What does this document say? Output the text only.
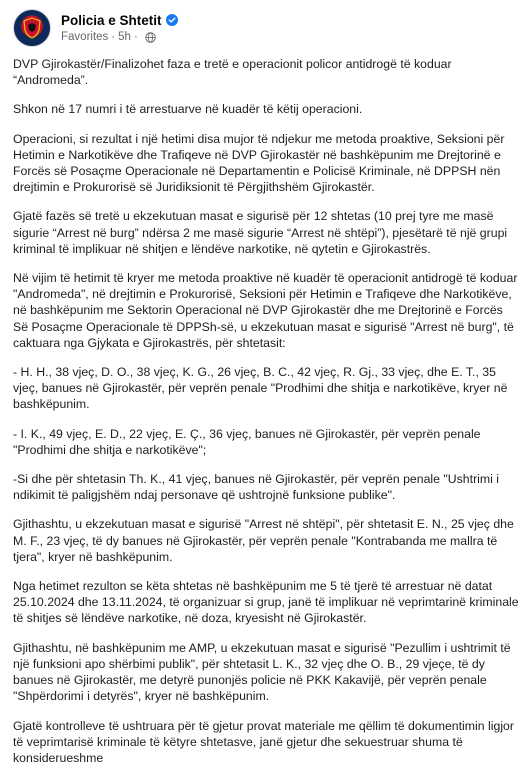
Policia e Shtetit
Favorites · 5h ·

DVP Gjirokastër/Finalizohet faza e tretë e operacionit policor antidrogë të koduar “Andromeda”.

Shkon në 17 numri i të arrestuarve në kuadër të këtij operacioni.

Operacioni, si rezultat i një hetimi disa mujor të ndjekur me metoda proaktive, Seksioni për Hetimin e Narkotikëve dhe Trafiqeve në DVP Gjirokastër në bashkëpunim me Drejtorinë e Forcës së Posaçme Operacionale në Departamentin e Policisë Kriminale, në DPPSH nën drejtimin e Prokurorisë së Juridiksionit të Përgjithshëm Gjirokastër.

Gjatë fazës së tretë u ekzekutuan masat e sigurisë për 12 shtetas (10 prej tyre me masë sigurie “Arrest në burg” ndërsa 2 me masë sigurie “Arrest në shtëpi”), pjesëtarë të një grupi kriminal të implikuar në shitjen e lëndëve narkotike, në qytetin e Gjirokastrës.

Në vijim të hetimit të kryer me metoda proaktive në kuadër të operacionit antidrogë të koduar "Andromeda", në drejtimin e Prokurorisë, Seksioni për Hetimin e Trafiqeve dhe Narkotikëve, në bashkëpunim me Sektorin Operacional në DVP Gjirokastër dhe me Drejtorinë e Forcës Së Posaçme Operacionale të DPPSh-së, u ekzekutuan masat e sigurisë "Arrest në burg", të caktuara nga Gjykata e Gjirokastrës, për shtetasit:

- H. H., 38 vjeç, D. O., 38 vjeç, K. G., 26 vjeç, B. C., 42 vjeç, R. Gj., 33 vjeç, dhe E. T., 35 vjeç, banues në Gjirokastër, për veprën penale "Prodhimi dhe shitja e narkotikëve, kryer në bashkëpunim.

- I. K., 49 vjeç, E. D., 22 vjeç, E. Ç., 36 vjeç, banues në Gjirokastër, për veprën penale "Prodhimi dhe shitja e narkotikëve";

-Si dhe për shtetasin Th. K., 41 vjeç, banues në Gjirokastër, për veprën penale "Ushtrimi i ndikimit të paligjshëm ndaj personave që ushtrojnë funksione publike".

Gjithashtu, u ekzekutuan masat e sigurisë "Arrest në shtëpi", për shtetasit E. N., 25 vjeç dhe M. F., 23 vjeç, të dy banues në Gjirokastër, për veprën penale "Kontrabanda me mallra të tjera", kryer në bashkëpunim.

Nga hetimet rezulton se këta shtetas në bashkëpunim me 5 të tjerë të arrestuar në datat 25.10.2024 dhe 13.11.2024, të organizuar si grup, janë të implikuar në veprimtarinë kriminale të shitjes së lëndëve narkotike, në doza, kryesisht në Gjirokastër.

Gjithashtu, në bashkëpunim me AMP, u ekzekutuan masat e sigurisë "Pezullim i ushtrimit të një funksioni apo shërbimi publik", për shtetasit L. K., 32 vjeç dhe O. B., 29 vjeçe, të dy banues në Gjirokastër, me detyrë punonjës policie në PKK Kakavijë, për veprën penale "Shpërdorimi i detyrës", kryer në bashkëpunim.

Gjatë kontrolleve të ushtruara për të gjetur provat materiale me qëllim të dokumentimin ligjor të veprimtarisë kriminale të këtyre shtetasve, janë gjetur dhe sekuestruar shuma të konsiderueshme
